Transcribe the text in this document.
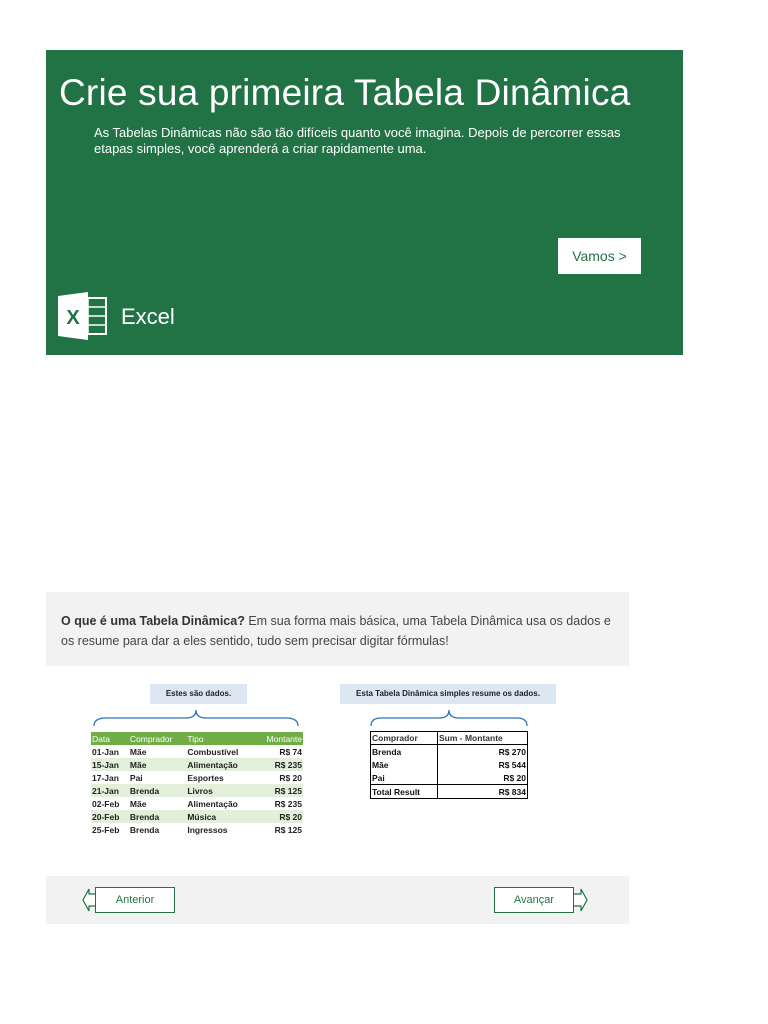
Crie sua primeira Tabela Dinâmica

As Tabelas Dinâmicas não são tão difíceis quanto você imagina. Depois de percorrer essas etapas simples, você aprenderá a criar rapidamente uma.

Vamos >
X Excel

O que é uma Tabela Dinâmica? Em sua forma mais básica, uma Tabela Dinâmica usa os dados e os resume para dar a eles sentido, tudo sem precisar digitar fórmulas!

Estes são dados.	Esta Tabela Dinâmica simples resume os dados.
Data	Comprador	Tipo	Montante
01-Jan	Mãe	Combustível	R$ 74
15-Jan	Mãe	Alimentação	R$ 235
17-Jan	Pai	Esportes	R$ 20
21-Jan	Brenda	Livros	R$ 125
02-Feb	Mãe	Alimentação	R$ 235
20-Feb	Brenda	Música	R$ 20
25-Feb	Brenda	Ingressos	R$ 125
Comprador	Sum - Montante
Brenda	R$ 270
Mãe	R$ 544
Pai	R$ 20
Total Result	R$ 834
Anterior	Avançar
